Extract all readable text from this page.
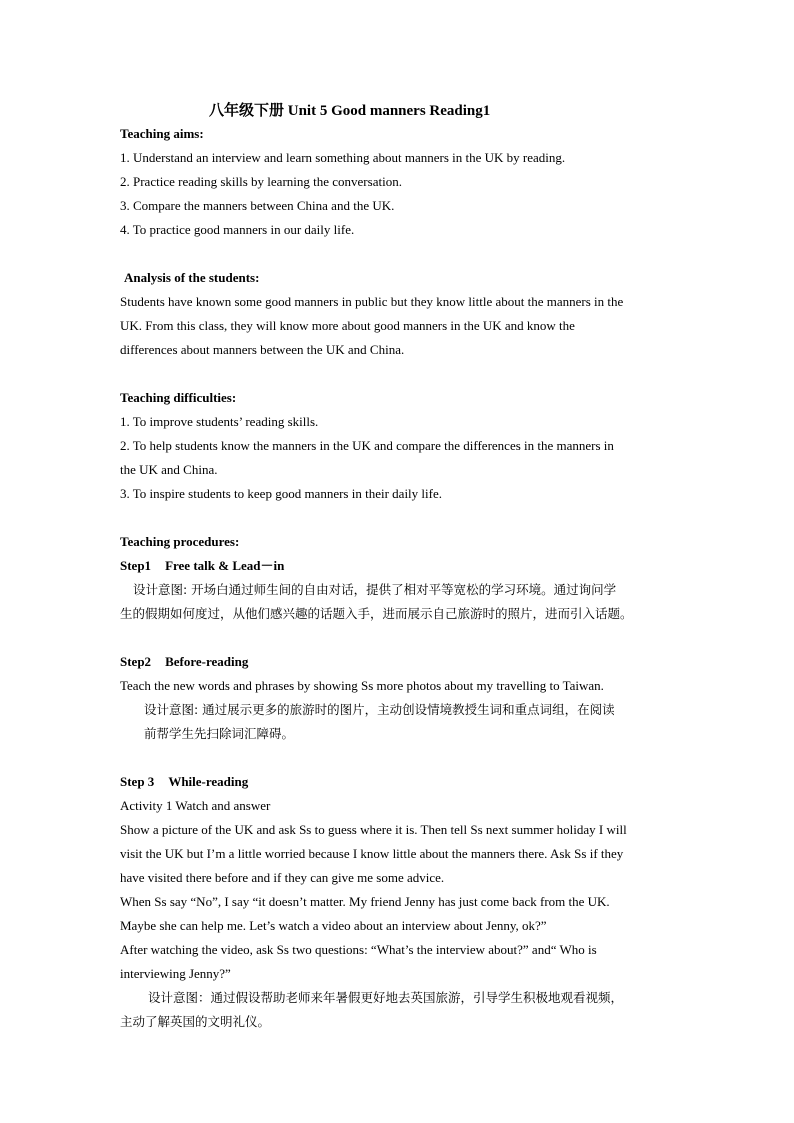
八年级下册 Unit 5 Good manners Reading1
Teaching aims:
1. Understand an interview and learn something about manners in the UK by reading.
2. Practice reading skills by learning the conversation.
3. Compare the manners between China and the UK.
4. To practice good manners in our daily life.
Analysis of the students:
Students have known some good manners in public but they know little about the manners in the
UK. From this class, they will know more about good manners in the UK and know the
differences about manners between the UK and China.
Teaching difficulties:
1. To improve students’ reading skills.
2. To help students know the manners in the UK and compare the differences in the manners in
the UK and China.
3. To inspire students to keep good manners in their daily life.
Teaching procedures:
Step1 Free talk & Lead－in
设计意图: 开场白通过师生间的自由对话，提供了相对平等宽松的学习环境。通过询问学
生的假期如何度过，从他们感兴趣的话题入手，进而展示自己旅游时的照片，进而引入话题。
Step2 Before-reading
Teach the new words and phrases by showing Ss more photos about my travelling to Taiwan.
设计意图: 通过展示更多的旅游时的图片，主动创设情境教授生词和重点词组，在阅读
前帮学生先扫除词汇障碍。
Step 3 While-reading
Activity 1 Watch and answer
Show a picture of the UK and ask Ss to guess where it is. Then tell Ss next summer holiday I will
visit the UK but I’m a little worried because I know little about the manners there. Ask Ss if they
have visited there before and if they can give me some advice.
When Ss say “No”, I say “it doesn’t matter. My friend Jenny has just come back from the UK.
Maybe she can help me. Let’s watch a video about an interview about Jenny, ok?”
After watching the video, ask Ss two questions: “What’s the interview about?” and“ Who is
interviewing Jenny?”
设计意图：通过假设帮助老师来年暑假更好地去英国旅游，引导学生积极地观看视频，
主动了解英国的文明礼仪。
